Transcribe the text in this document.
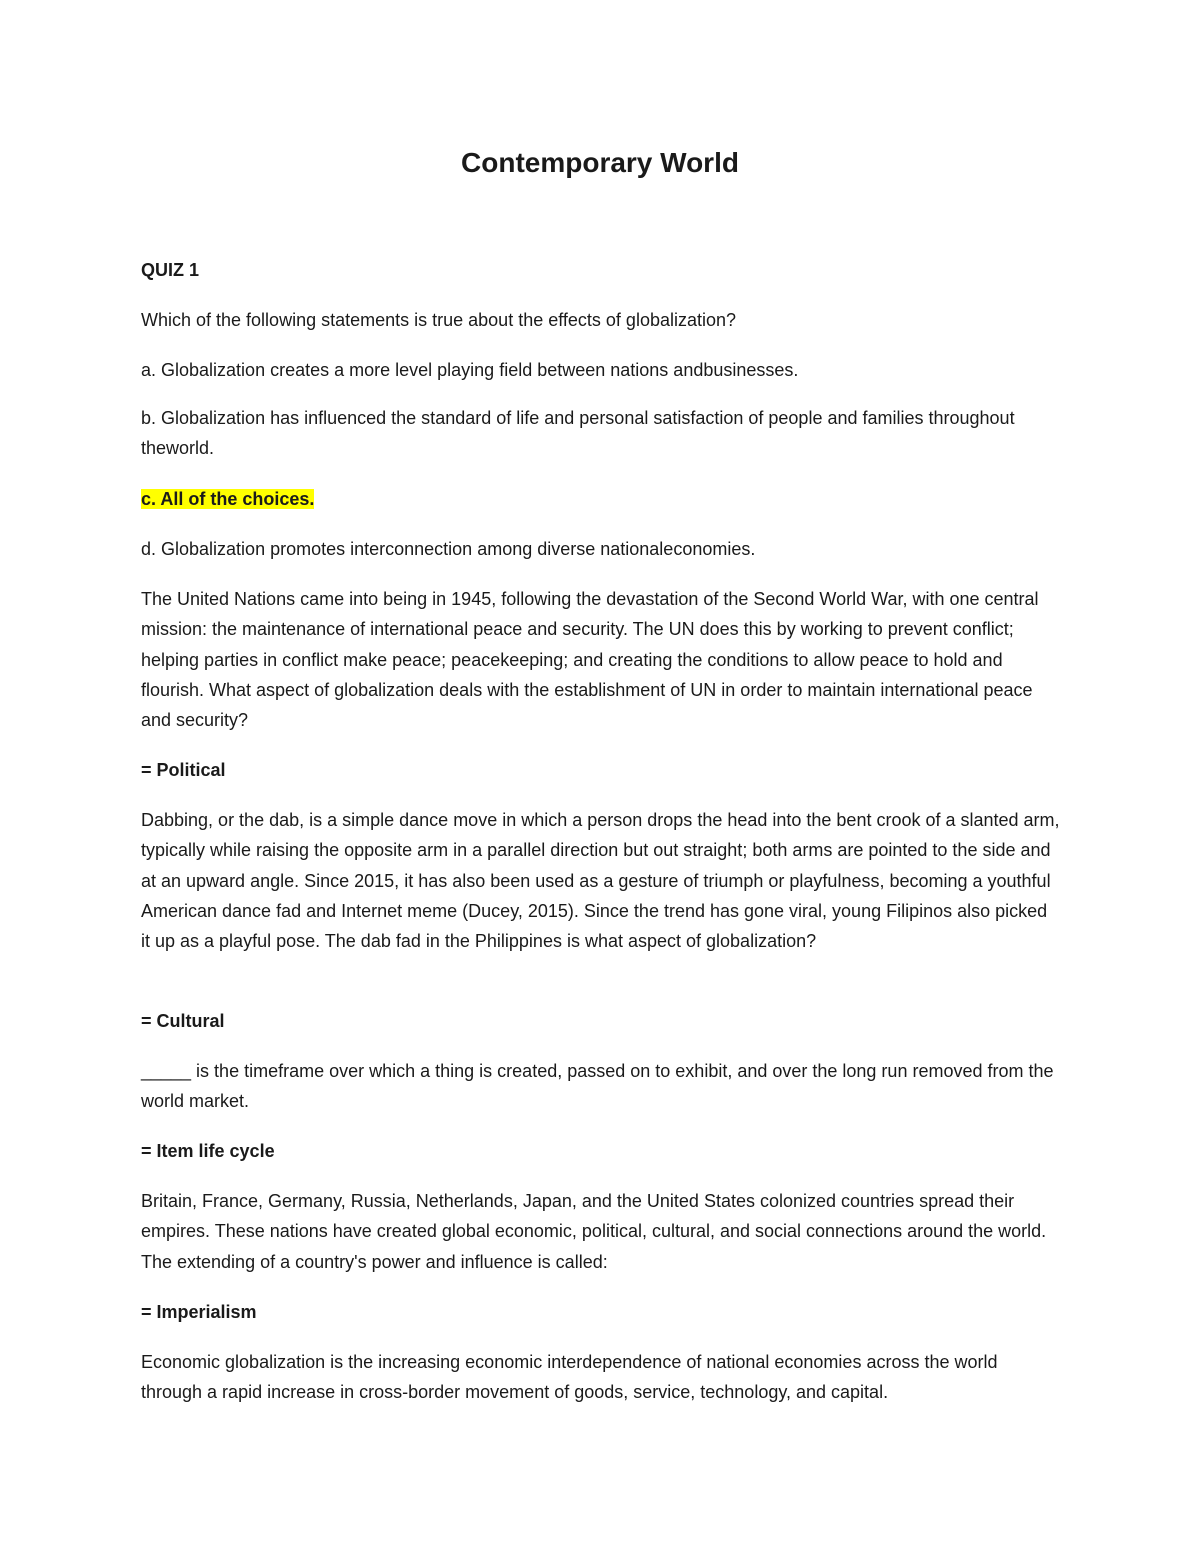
Contemporary World

QUIZ 1

Which of the following statements is true about the effects of globalization?

a. Globalization creates a more level playing field between nations andbusinesses.

b. Globalization has influenced the standard of life and personal satisfaction of people and families throughout theworld.

c. All of the choices.

d. Globalization promotes interconnection among diverse nationaleconomies.

The United Nations came into being in 1945, following the devastation of the Second World War, with one central mission: the maintenance of international peace and security. The UN does this by working to prevent conflict; helping parties in conflict make peace; peacekeeping; and creating the conditions to allow peace to hold and flourish. What aspect of globalization deals with the establishment of UN in order to maintain international peace and security?

= Political

Dabbing, or the dab, is a simple dance move in which a person drops the head into the bent crook of a slanted arm, typically while raising the opposite arm in a parallel direction but out straight; both arms are pointed to the side and at an upward angle. Since 2015, it has also been used as a gesture of triumph or playfulness, becoming a youthful American dance fad and Internet meme (Ducey, 2015). Since the trend has gone viral, young Filipinos also picked it up as a playful pose. The dab fad in the Philippines is what aspect of globalization?

= Cultural

_____ is the timeframe over which a thing is created, passed on to exhibit, and over the long run removed from the world market.

= Item life cycle

Britain, France, Germany, Russia, Netherlands, Japan, and the United States colonized countries spread their empires. These nations have created global economic, political, cultural, and social connections around the world. The extending of a country's power and influence is called:

= Imperialism

Economic globalization is the increasing economic interdependence of national economies across the world through a rapid increase in cross-border movement of goods, service, technology, and capital.
